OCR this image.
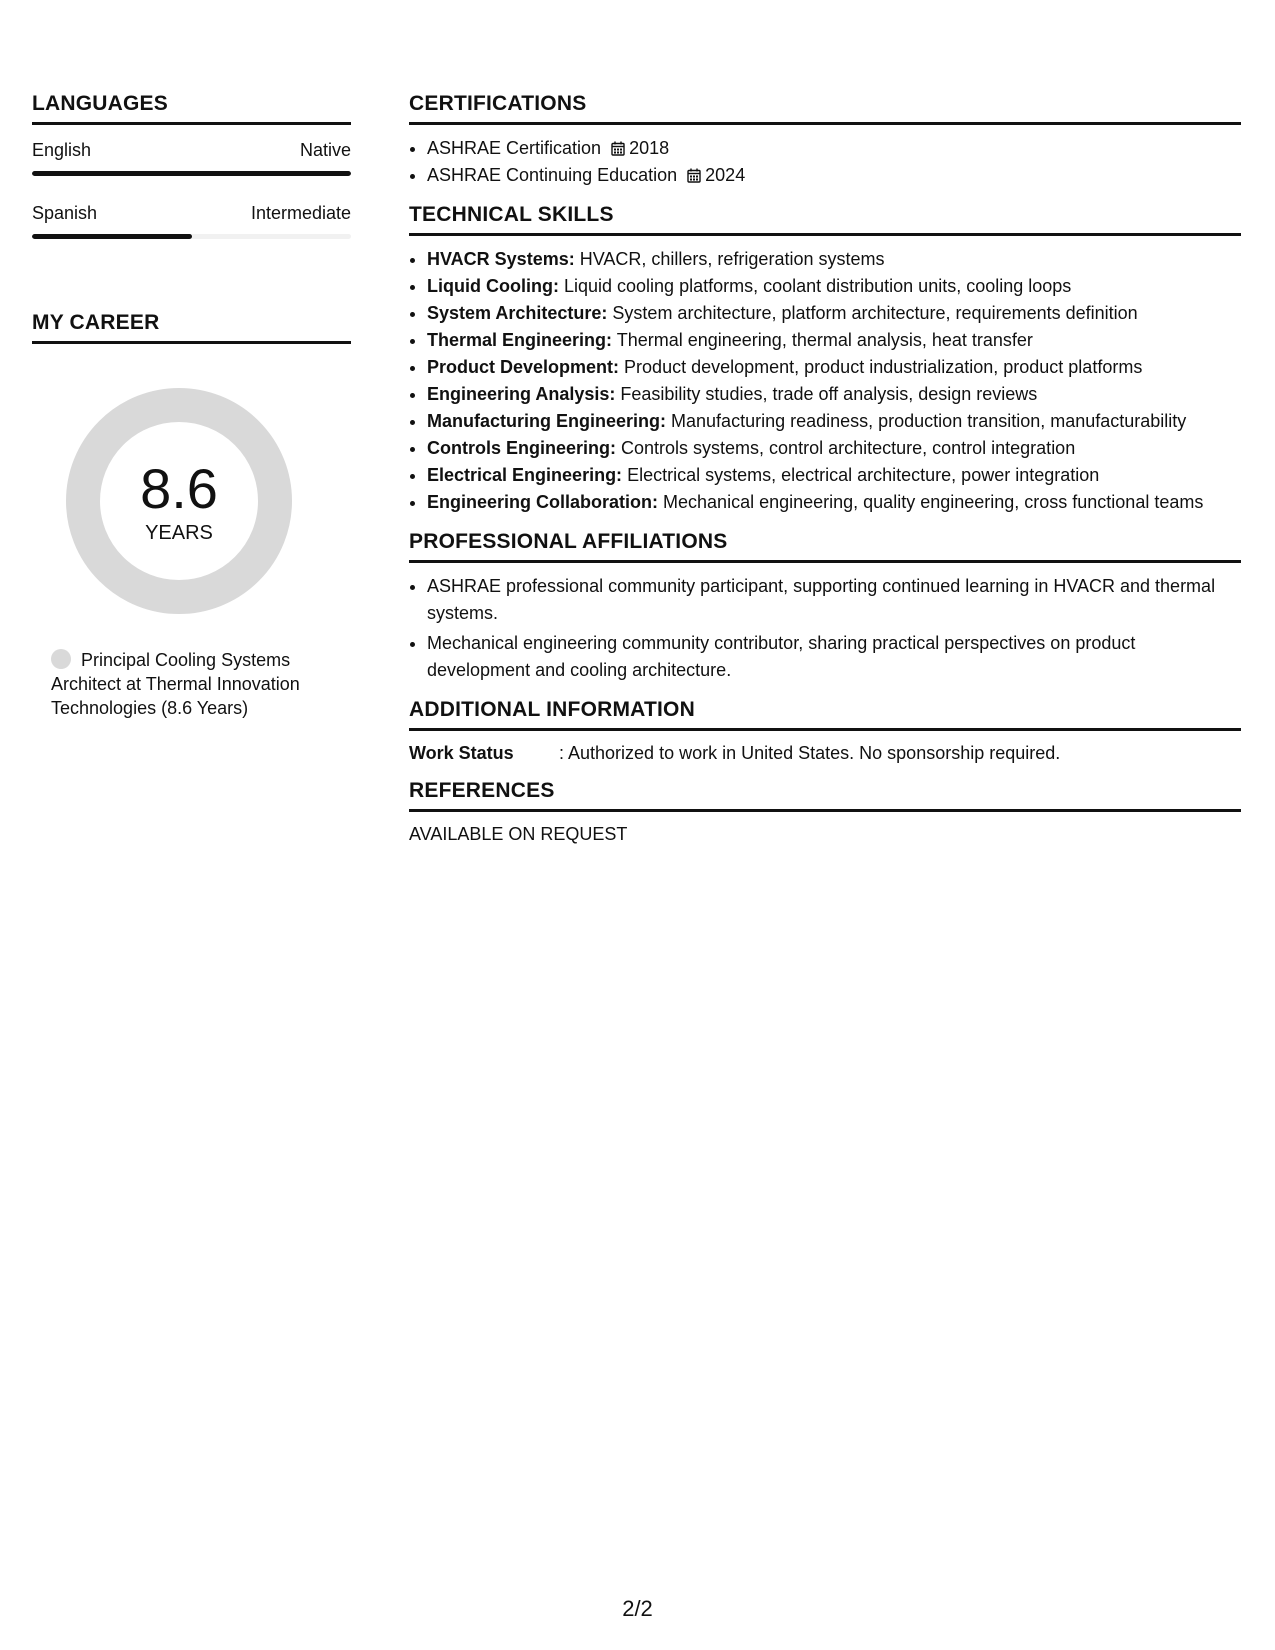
LANGUAGES
English	Native
Spanish	Intermediate
MY CAREER
8.6
YEARS
Principal Cooling Systems Architect at Thermal Innovation Technologies (8.6 Years)
CERTIFICATIONS
• ASHRAE Certification 2018
• ASHRAE Continuing Education 2024
TECHNICAL SKILLS
• HVACR Systems: HVACR, chillers, refrigeration systems
• Liquid Cooling: Liquid cooling platforms, coolant distribution units, cooling loops
• System Architecture: System architecture, platform architecture, requirements definition
• Thermal Engineering: Thermal engineering, thermal analysis, heat transfer
• Product Development: Product development, product industrialization, product platforms
• Engineering Analysis: Feasibility studies, trade off analysis, design reviews
• Manufacturing Engineering: Manufacturing readiness, production transition, manufacturability
• Controls Engineering: Controls systems, control architecture, control integration
• Electrical Engineering: Electrical systems, electrical architecture, power integration
• Engineering Collaboration: Mechanical engineering, quality engineering, cross functional teams
PROFESSIONAL AFFILIATIONS
• ASHRAE professional community participant, supporting continued learning in HVACR and thermal systems.
• Mechanical engineering community contributor, sharing practical perspectives on product development and cooling architecture.
ADDITIONAL INFORMATION
Work Status	: Authorized to work in United States. No sponsorship required.
REFERENCES
AVAILABLE ON REQUEST
2/2
